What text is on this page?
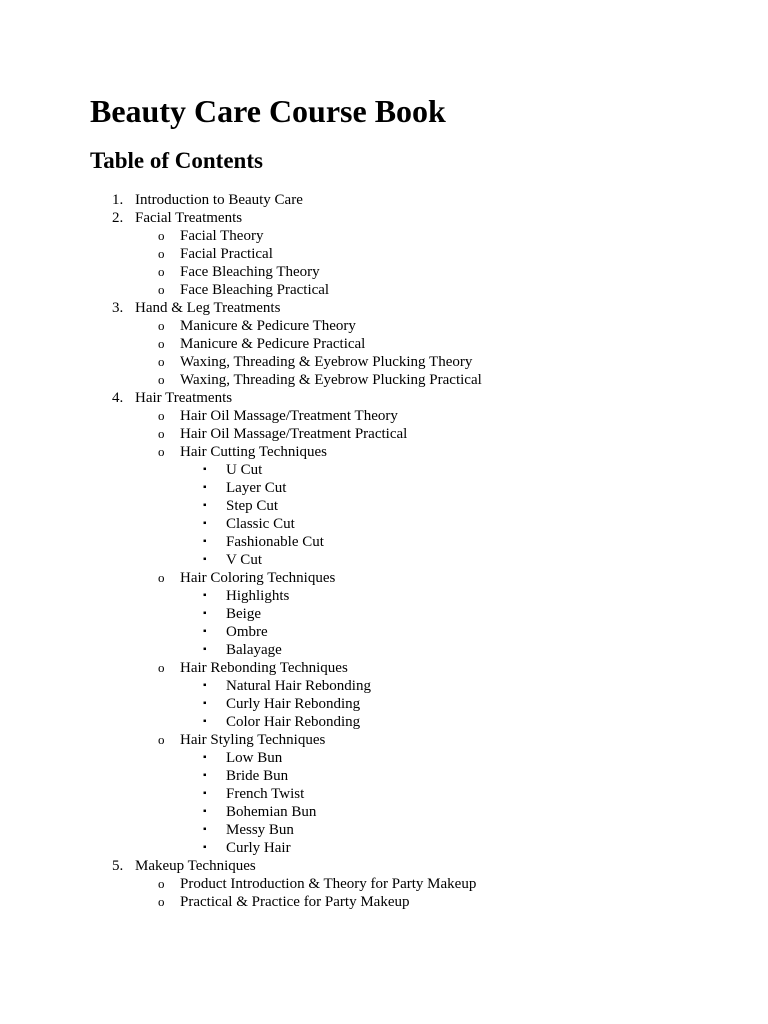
Beauty Care Course Book
Table of Contents
1. Introduction to Beauty Care
2. Facial Treatments
o Facial Theory
o Facial Practical
o Face Bleaching Theory
o Face Bleaching Practical
3. Hand & Leg Treatments
o Manicure & Pedicure Theory
o Manicure & Pedicure Practical
o Waxing, Threading & Eyebrow Plucking Theory
o Waxing, Threading & Eyebrow Plucking Practical
4. Hair Treatments
o Hair Oil Massage/Treatment Theory
o Hair Oil Massage/Treatment Practical
o Hair Cutting Techniques
▪ U Cut
▪ Layer Cut
▪ Step Cut
▪ Classic Cut
▪ Fashionable Cut
▪ V Cut
o Hair Coloring Techniques
▪ Highlights
▪ Beige
▪ Ombre
▪ Balayage
o Hair Rebonding Techniques
▪ Natural Hair Rebonding
▪ Curly Hair Rebonding
▪ Color Hair Rebonding
o Hair Styling Techniques
▪ Low Bun
▪ Bride Bun
▪ French Twist
▪ Bohemian Bun
▪ Messy Bun
▪ Curly Hair
5. Makeup Techniques
o Product Introduction & Theory for Party Makeup
o Practical & Practice for Party Makeup
